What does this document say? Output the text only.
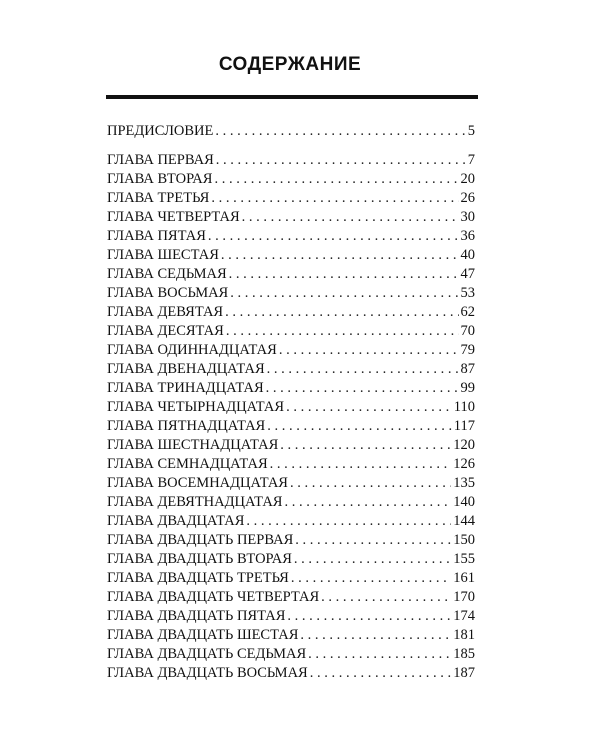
СОДЕРЖАНИЕ
ПРЕДИСЛОВИЕ . . .	5
ГЛАВА ПЕРВАЯ . . .	7
ГЛАВА ВТОРАЯ . . .	20
ГЛАВА ТРЕТЬЯ . . .	26
ГЛАВА ЧЕТВЕРТАЯ . . .	30
ГЛАВА ПЯТАЯ . . .	36
ГЛАВА ШЕСТАЯ . . .	40
ГЛАВА СЕДЬМАЯ . . .	47
ГЛАВА ВОСЬМАЯ . . .	53
ГЛАВА ДЕВЯТАЯ . . .	62
ГЛАВА ДЕСЯТАЯ . . .	70
ГЛАВА ОДИННАДЦАТАЯ . . .	79
ГЛАВА ДВЕНАДЦАТАЯ . . .	87
ГЛАВА ТРИНАДЦАТАЯ . . .	99
ГЛАВА ЧЕТЫРНАДЦАТАЯ . . .	110
ГЛАВА ПЯТНАДЦАТАЯ . . .	117
ГЛАВА ШЕСТНАДЦАТАЯ . . .	120
ГЛАВА СЕМНАДЦАТАЯ . . .	126
ГЛАВА ВОСЕМНАДЦАТАЯ . . .	135
ГЛАВА ДЕВЯТНАДЦАТАЯ . . .	140
ГЛАВА ДВАДЦАТАЯ . . .	144
ГЛАВА ДВАДЦАТЬ ПЕРВАЯ . . .	150
ГЛАВА ДВАДЦАТЬ ВТОРАЯ . . .	155
ГЛАВА ДВАДЦАТЬ ТРЕТЬЯ . . .	161
ГЛАВА ДВАДЦАТЬ ЧЕТВЕРТАЯ . . .	170
ГЛАВА ДВАДЦАТЬ ПЯТАЯ . . .	174
ГЛАВА ДВАДЦАТЬ ШЕСТАЯ . . .	181
ГЛАВА ДВАДЦАТЬ СЕДЬМАЯ . . .	185
ГЛАВА ДВАДЦАТЬ ВОСЬМАЯ . . .	187
